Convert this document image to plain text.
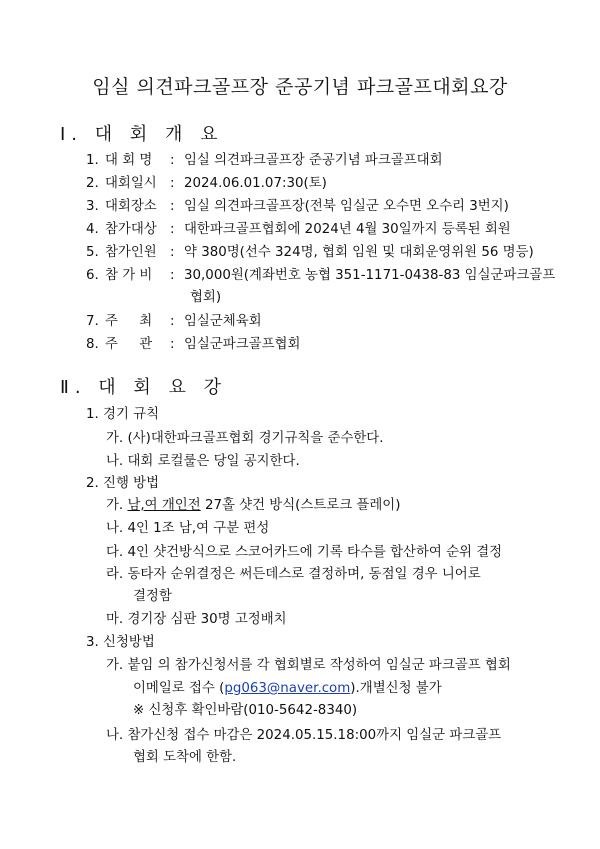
임실 의견파크골프장 준공기념 파크골프대회요강
Ⅰ. 대 회 개 요
1. 대 회 명 : 임실 의견파크골프장 준공기념 파크골프대회
2. 대회일시 : 2024.06.01.07:30(토)
3. 대회장소 : 임실 의견파크골프장(전북 임실군 오수면 오수리 3번지)
4. 참가대상 : 대한파크골프협회에 2024년 4월 30일까지 등록된 회원
5. 참가인원 : 약 380명(선수 324명, 협회 임원 및 대회운영위원 56 명등)
6. 참 가 비 : 30,000원(계좌번호 농협 351-1171-0438-83 임실군파크골프
협회)
7. 주     최 : 임실군체육회
8. 주     관 : 임실군파크골프협회
Ⅱ. 대 회 요 강
1. 경기 규칙
가. (사)대한파크골프협회 경기규칙을 준수한다.
나. 대회 로컬룰은 당일 공지한다.
2. 진행 방법
가. 남,여 개인전 27홀 샷건 방식(스트로크 플레이)
나. 4인 1조 남,여 구분 편성
다. 4인 샷건방식으로 스코어카드에 기록 타수를 합산하여 순위 결정
라. 동타자 순위결정은 써든데스로 결정하며, 동점일 경우 니어로
결정함
마. 경기장 심판 30명 고정배치
3. 신청방법
가. 붙임 의 참가신청서를 각 협회별로 작성하여 임실군 파크골프 협회
이메일로 접수 (pg063@naver.com).개별신청 불가
※ 신청후 확인바람(010-5642-8340)
나. 참가신청 접수 마감은 2024.05.15.18:00까지 임실군 파크골프
협회 도착에 한함.
